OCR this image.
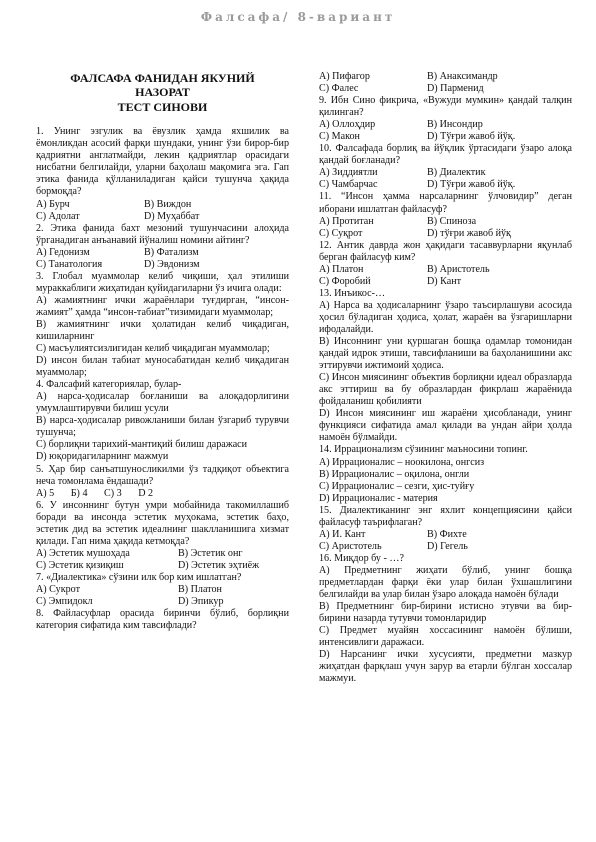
Фалсафа/ 8-вариант
ФАЛСАФА ФАНИДАН ЯКУНИЙ
НАЗОРАТ
ТЕСТ СИНОВИ
1. Унинг эзгулик ва ёвузлик ҳамда яхшилик ва ёмонликдан асосий фарқи шундаки, унинг ўзи бирор-бир қадриятни англатмайди, лекин қадриятлар орасидаги нисбатни белгилайди, уларни баҳолаш мақомига эга. Гап этика фанида қўлланиладиган қайси тушунча ҳақида бормоқда?
А) Бурч	В) Виждон
С) Адолат	D) Муҳаббат
2. Этика фанида бахт мезоний тушунчасини алоҳида ўрганадиган анъанавий йўналиш номини айтинг?
А) Гедонизм	В) Фатализм
С) Танатология	D) Эвдонизм
3. Глобал муаммолар келиб чиқиши, ҳал этилиши мураккаблиги жиҳатидан қуйидагиларни ўз ичига олади:
А) жамиятнинг ички жараёнлари туғдирган, “инсон- жамият” ҳамда “инсон-табиат”тизимидаги муаммолар;
В) жамиятнинг ички ҳолатидан келиб чиқадиган, кишиларнинг
С) масъулиятсизлигидан келиб чиқадиган муаммолар;
D) инсон билан табиат муносабатидан келиб чиқадиган муаммолар;
4. Фалсафий категориялар, булар-
А) нарса-ҳодисалар боғланиши ва алоқадорлигини умумлаштирувчи билиш усули
В) нарса-ҳодисалар ривожланиши билан ўзгариб турувчи тушунча;
С) борлиқни тарихий-мантиқий билиш даражаси
D) юқоридагиларнинг мажмуи
5. Ҳар бир санъатшуносликилми ўз тадқиқот объектига неча томонлама ёндашади?
А) 5 Б) 4 С) 3 D 2
6. У инсоннинг бутун умри мобайнида такомиллашиб боради ва инсонда эстетик муҳокама, эстетик баҳо, эстетик дид ва эстетик идеалнинг шаклланишига хизмат қилади. Гап нима ҳақида кетмоқда?
А) Эстетик мушоҳада	В) Эстетик онг
С) Эстетик қизиқиш	D) Эстетик эҳтиёж
7. «Диалектика» сўзини илк бор ким ишлатган?
А) Сукрот	В) Платон
С) Эмпидокл	D) Эпикур
8. Файласуфлар орасида биринчи бўлиб, борлиқни категория сифатида ким тавсифлади?
А) Пифагор	В) Анаксимандр
С) Фалес	D) Парменид
9. Ибн Сино фикрича, «Вужуди мумкин» қандай талқин қилинган?
А) Оллоҳдир	В) Инсондир
С) Макон	D) Тўғри жавоб йўқ.
10. Фалсафада борлиқ ва йўқлик ўртасидаги ўзаро алоқа қандай боғланади?
А) Зиддиятли	В) Диалектик
С) Чамбарчас	D) Тўғри жавоб йўқ.
11. “Инсон ҳамма нарсаларнинг ўлчовидир” деган иборани ишлатган файласуф?
А) Протитан	В) Спиноза
С) Суқрот	D) тўғри жавоб йўқ
12. Антик даврда жон ҳақидаги тасаввурларни яқунлаб берган файласуф ким?
А) Платон	В) Аристотель
С) Форобий	D) Кант
13. Инъикос-…
А) Нарса ва ҳодисаларнинг ўзаро таъсирлашуви асосида ҳосил бўладиган ҳодиса, ҳолат, жараён ва ўзгаришларни ифодалайди.
В) Инсоннинг уни қуршаган бошқа одамлар томонидан қандай идрок этиши, тавсифланиши ва баҳоланишини акс эттирувчи ижтимоий ҳодиса.
С) Инсон миясининг объектив борлиқни идеал образларда акс эттириш ва бу образлардан фикрлаш жараёнида фойдаланиш қобилияти
D) Инсон миясининг иш жараёни ҳисобланади, унинг функцияси сифатида амал қилади ва ундан айри ҳолда намоён бўлмайди.
14. Иррационализм сўзининг маъносини топинг.
А) Иррационалис – ноокилона, онгсиз
В) Иррационалис – оқилона, онгли
С) Иррационалис – сезги, ҳис-туйғу
D) Иррационалис - материя
15. Диалектиканинг энг яхлит концепциясини қайси файласуф таърифлаган?
А) И. Кант	В) Фихте
С) Аристотель	D) Гегель
16. Миқдор бу - …?
А) Предметнинг жиҳати бўлиб, унинг бошқа предметлардан фарқи ёки улар билан ўхшашлигини белгилайди ва улар билан ўзаро алоқада намоён бўлади
В) Предметнинг бир-бирини истисно этувчи ва бир-бирини назарда тутувчи томонларидир
С) Предмет муайян хоссасининг намоён бўлиши, интенсивлиги даражаси.
D) Нарсанинг ички хусусияти, предметни мазкур жиҳатдан фарқлаш учун зарур ва етарли бўлган хоссалар мажмуи.
